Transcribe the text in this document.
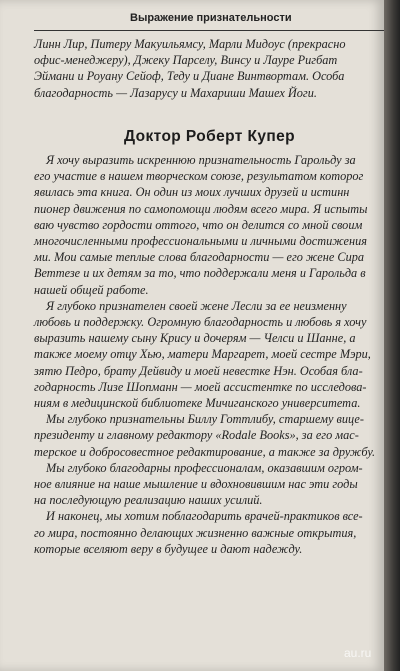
Выражение признательности

Линн Лир, Питеру Макуильямсу, Марли Мидоус (прекрасно
офис-менеджеру), Джеку Парселу, Винсу и Лауре Ригбат
Эймани и Роуану Сейоф, Теду и Диане Винтвортам. Особа
благодарность — Лазарусу и Махариши Машех Йоги.

Доктор Роберт Купер

Я хочу выразить искреннюю признательность Гарольду за
его участие в нашем творческом союзе, результатом которог
явилась эта книга. Он один из моих лучших друзей и истинн
пионер движения по самопомощи людям всего мира. Я испыты
ваю чувство гордости оттого, что он делится со мной своим
многочисленными профессиональными и личными достижения
ми. Мои самые теплые слова благодарности — его жене Сира
Веттезе и их детям за то, что поддержали меня и Гарольда в
нашей общей работе.

Я глубоко признателен своей жене Лесли за ее неизменну
любовь и поддержку. Огромную благодарность и любовь я хочу
выразить нашему сыну Крису и дочерям — Челси и Шанне, а
также моему отцу Хью, матери Маргарет, моей сестре Мэри,
зятю Педро, брату Дейвиду и моей невестке Нэн. Особая бла-
годарность Лизе Шопманн — моей ассистентке по исследова-
ниям в медицинской библиотеке Мичиганского университета.

Мы глубоко признательны Биллу Готтлибу, старшему вице-
президенту и главному редактору «Rodale Books», за его мас-
терское и добросовестное редактирование, а также за дружбу.

Мы глубоко благодарны профессионалам, оказавшим огром-
ное влияние на наше мышление и вдохновившим нас эти годы
на последующую реализацию наших усилий.

И наконец, мы хотим поблагодарить врачей-практиков все-
го мира, постоянно делающих жизненно важные открытия,
которые вселяют веру в будущее и дают надежду.

au.ru
